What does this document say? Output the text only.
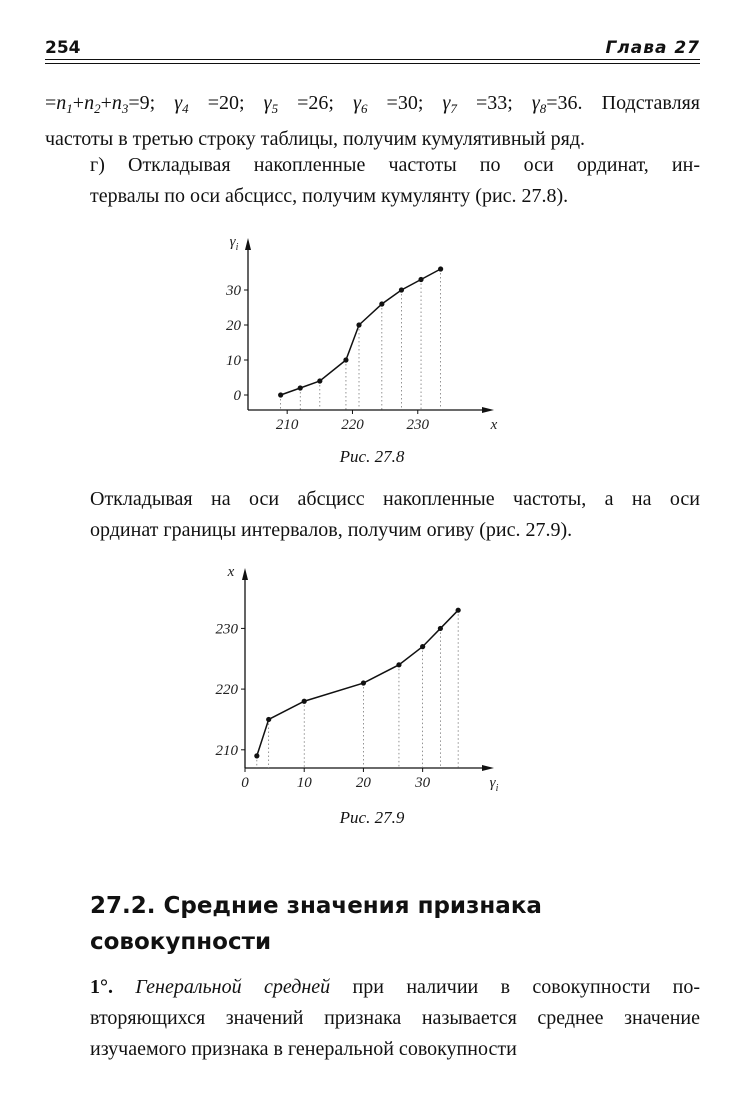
254	Глава 27
$=n_1+n_2+n_3=9$; $\gamma_4 =20$; $\gamma_5 =26$; $\gamma_6 =30$; $\gamma_7 =33$; $\gamma_8=36$. Подставляя
частоты в третью строку таблицы, получим кумулятивный ряд.
г) Откладывая накопленные частоты по оси ординат, ин-
тервалы по оси абсцисс, получим кумулянту (рис. 27.8).
210	220	230
0
10
20
30
x
$\gamma_i$
Рис. 27.8
Откладывая на оси абсцисс накопленные частоты, а на оси
ординат границы интервалов, получим огиву (рис. 27.9).
0	10	20	30
210
220
230
$\gamma_i$
x
Рис. 27.9
27.2. Средние значения признака совокупности
1°. Генеральной средней при наличии в совокупности по-
вторяющихся значений признака называется среднее значение
изучаемого признака в генеральной совокупности
